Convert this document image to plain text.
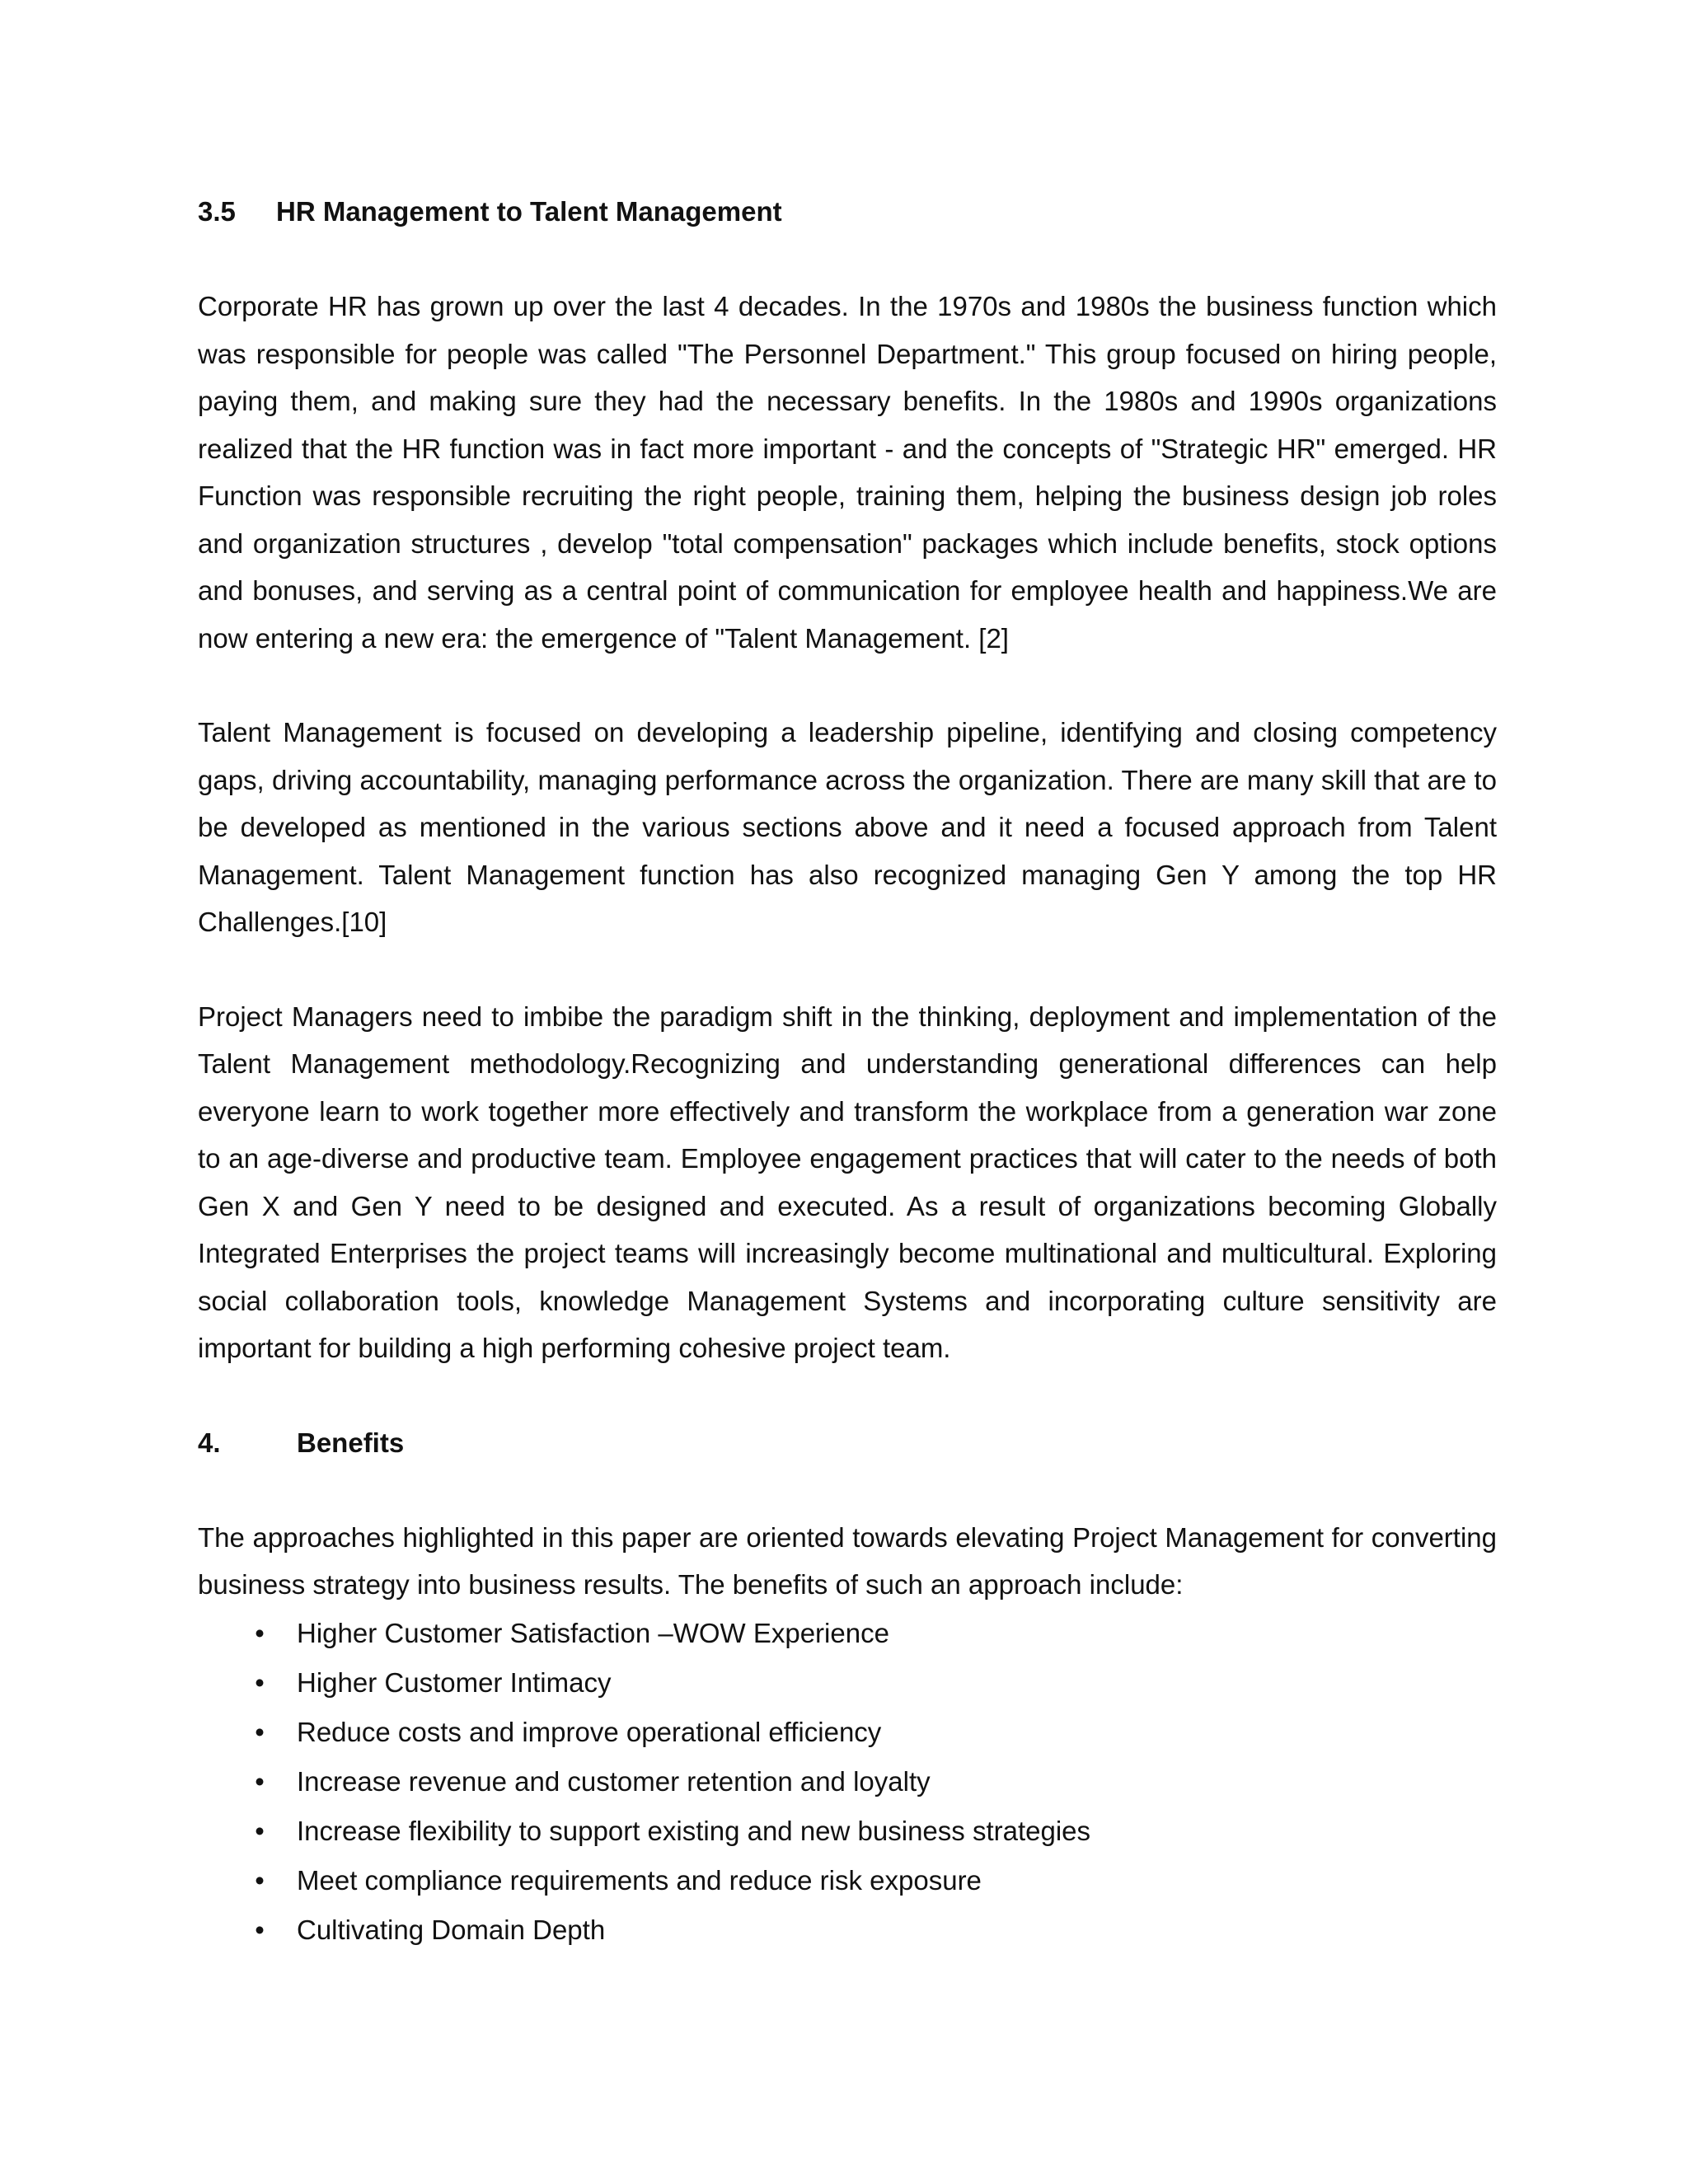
3.5	HR Management to Talent Management

Corporate HR has grown up over the last 4 decades. In the 1970s and 1980s the business function which was responsible for people was called "The Personnel Department." This group focused on hiring people, paying them, and making sure they had the necessary benefits. In the 1980s and 1990s organizations realized that the HR function was in fact more important - and the concepts of "Strategic HR" emerged. HR Function was responsible recruiting the right people, training them, helping the business design job roles and organization structures , develop "total compensation" packages which include benefits, stock options and bonuses, and serving as a central point of communication for employee health and happiness.We are now entering a new era: the emergence of "Talent Management. [2]

Talent Management is focused on developing a leadership pipeline, identifying and closing competency gaps, driving accountability, managing performance across the organization. There are many skill that are to be developed as mentioned in the various sections above and it need a focused approach from Talent Management. Talent Management function has also recognized managing Gen Y among the top HR Challenges.[10]

Project Managers need to imbibe the paradigm shift in the thinking, deployment and implementation of the Talent Management methodology.Recognizing and understanding generational differences can help everyone learn to work together more effectively and transform the workplace from a generation war zone to an age-diverse and productive team. Employee engagement practices that will cater to the needs of both Gen X and Gen Y need to be designed and executed. As a result of organizations becoming Globally Integrated Enterprises the project teams will increasingly become multinational and multicultural. Exploring social collaboration tools, knowledge Management Systems and incorporating culture sensitivity are important for building a high performing cohesive project team.

4.	Benefits

The approaches highlighted in this paper are oriented towards elevating Project Management for converting business strategy into business results. The benefits of such an approach include:

• Higher Customer Satisfaction –WOW Experience
• Higher Customer Intimacy
• Reduce costs and improve operational efficiency
• Increase revenue and customer retention and loyalty
• Increase flexibility to support existing and new business strategies
• Meet compliance requirements and reduce risk exposure
• Cultivating Domain Depth
